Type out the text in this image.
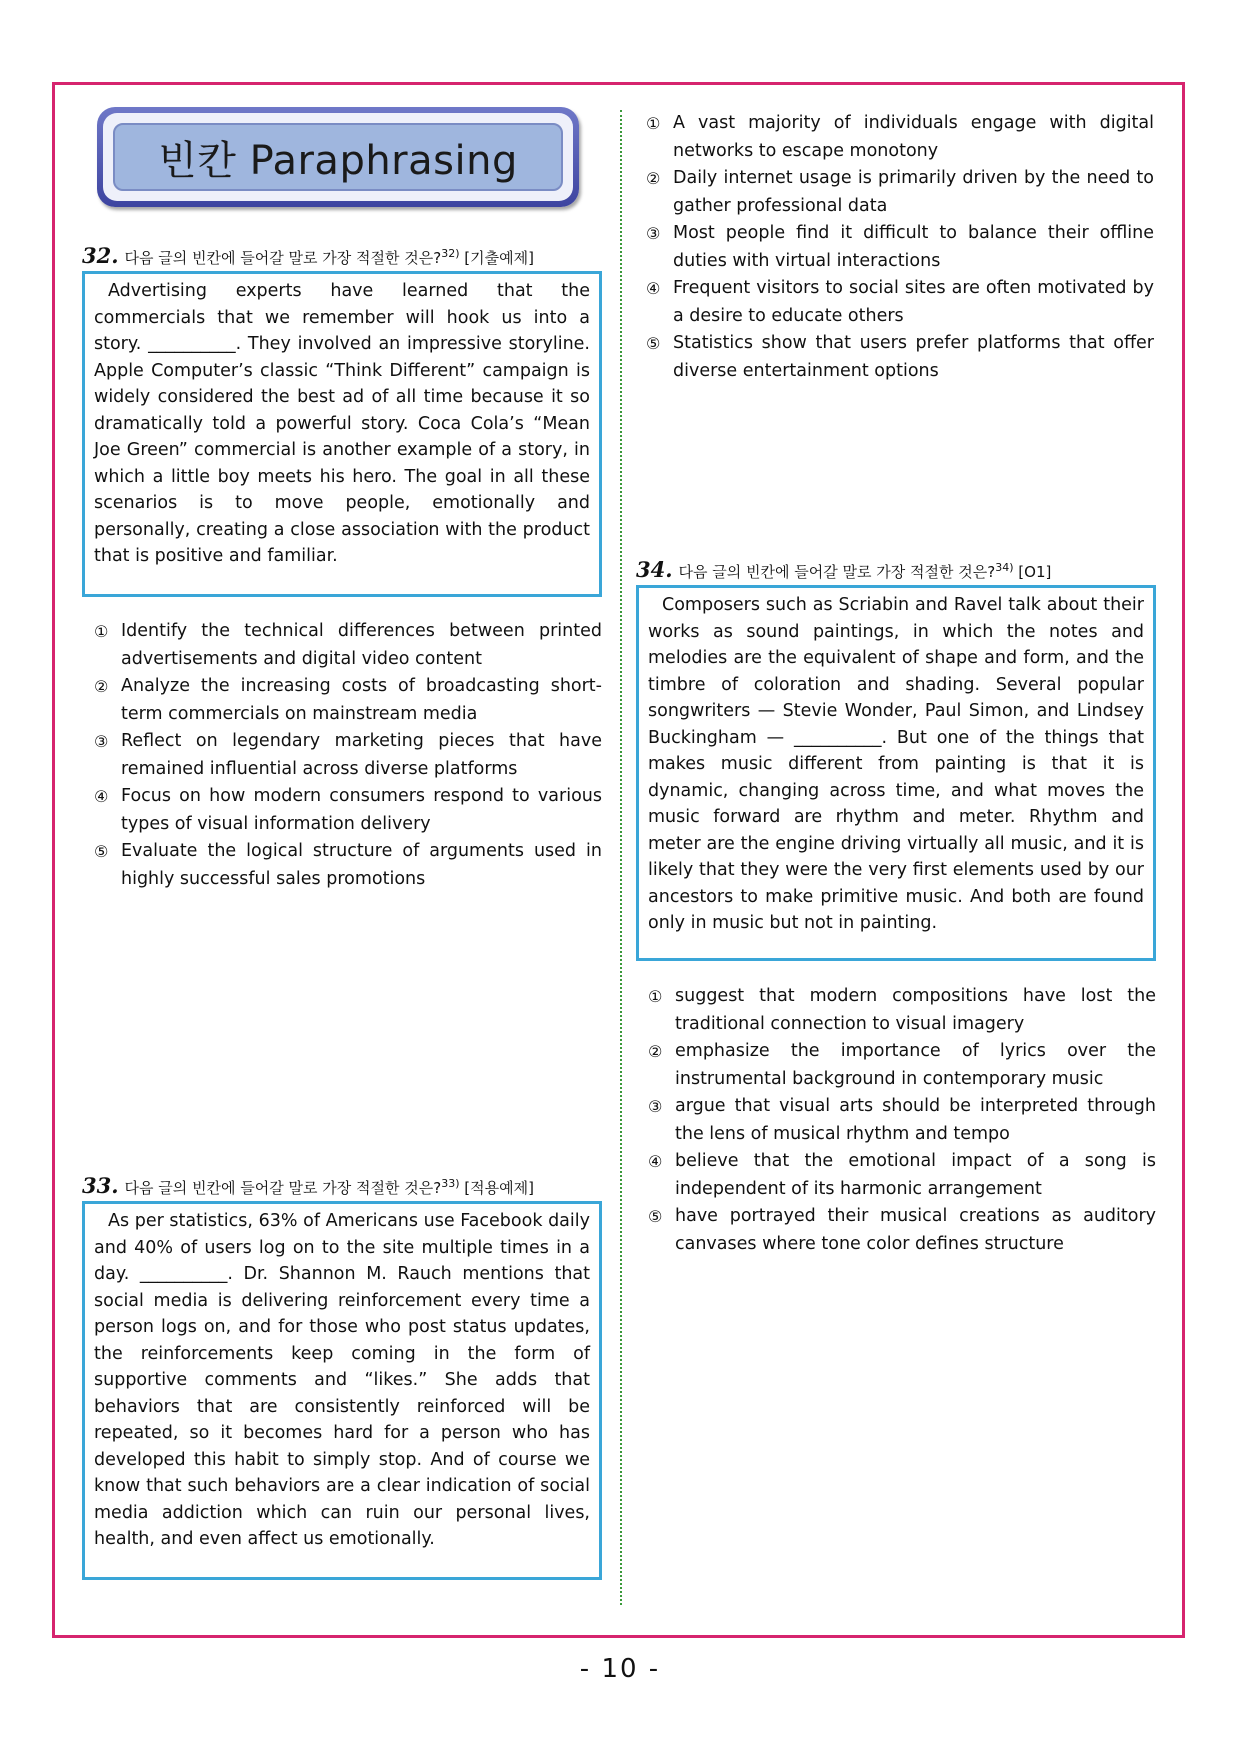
빈칸 Paraphrasing
32. 다음 글의 빈칸에 들어갈 말로 가장 적절한 것은?$^{32)}$ [기출예제]

Advertising experts have learned that the commercials that we remember will hook us into a story. __________. They involved an impressive storyline. Apple Computer’s classic “Think Different” campaign is widely considered the best ad of all time because it so dramatically told a powerful story. Coca Cola’s “Mean Joe Green” commercial is another example of a story, in which a little boy meets his hero. The goal in all these scenarios is to move people, emotionally and personally, creating a close association with the product that is positive and familiar.

① Identify the technical differences between printed advertisements and digital video content
② Analyze the increasing costs of broadcasting short-term commercials on mainstream media
③ Reflect on legendary marketing pieces that have remained influential across diverse platforms
④ Focus on how modern consumers respond to various types of visual information delivery
⑤ Evaluate the logical structure of arguments used in highly successful sales promotions
33. 다음 글의 빈칸에 들어갈 말로 가장 적절한 것은?$^{33)}$ [적용예제]

As per statistics, 63% of Americans use Facebook daily and 40% of users log on to the site multiple times in a day. __________. Dr. Shannon M. Rauch mentions that social media is delivering reinforcement every time a person logs on, and for those who post status updates, the reinforcements keep coming in the form of supportive comments and “likes.” She adds that behaviors that are consistently reinforced will be repeated, so it becomes hard for a person who has developed this habit to simply stop. And of course we know that such behaviors are a clear indication of social media addiction which can ruin our personal lives, health, and even affect us emotionally.

① A vast majority of individuals engage with digital networks to escape monotony
② Daily internet usage is primarily driven by the need to gather professional data
③ Most people find it difficult to balance their offline duties with virtual interactions
④ Frequent visitors to social sites are often motivated by a desire to educate others
⑤ Statistics show that users prefer platforms that offer diverse entertainment options
34. 다음 글의 빈칸에 들어갈 말로 가장 적절한 것은?$^{34)}$ [O1]

Composers such as Scriabin and Ravel talk about their works as sound paintings, in which the notes and melodies are the equivalent of shape and form, and the timbre of coloration and shading. Several popular songwriters — Stevie Wonder, Paul Simon, and Lindsey Buckingham — __________. But one of the things that makes music different from painting is that it is dynamic, changing across time, and what moves the music forward are rhythm and meter. Rhythm and meter are the engine driving virtually all music, and it is likely that they were the very first elements used by our ancestors to make primitive music. And both are found only in music but not in painting.

① suggest that modern compositions have lost the traditional connection to visual imagery
② emphasize the importance of lyrics over the instrumental background in contemporary music
③ argue that visual arts should be interpreted through the lens of musical rhythm and tempo
④ believe that the emotional impact of a song is independent of its harmonic arrangement
⑤ have portrayed their musical creations as auditory canvases where tone color defines structure
- 10 -
